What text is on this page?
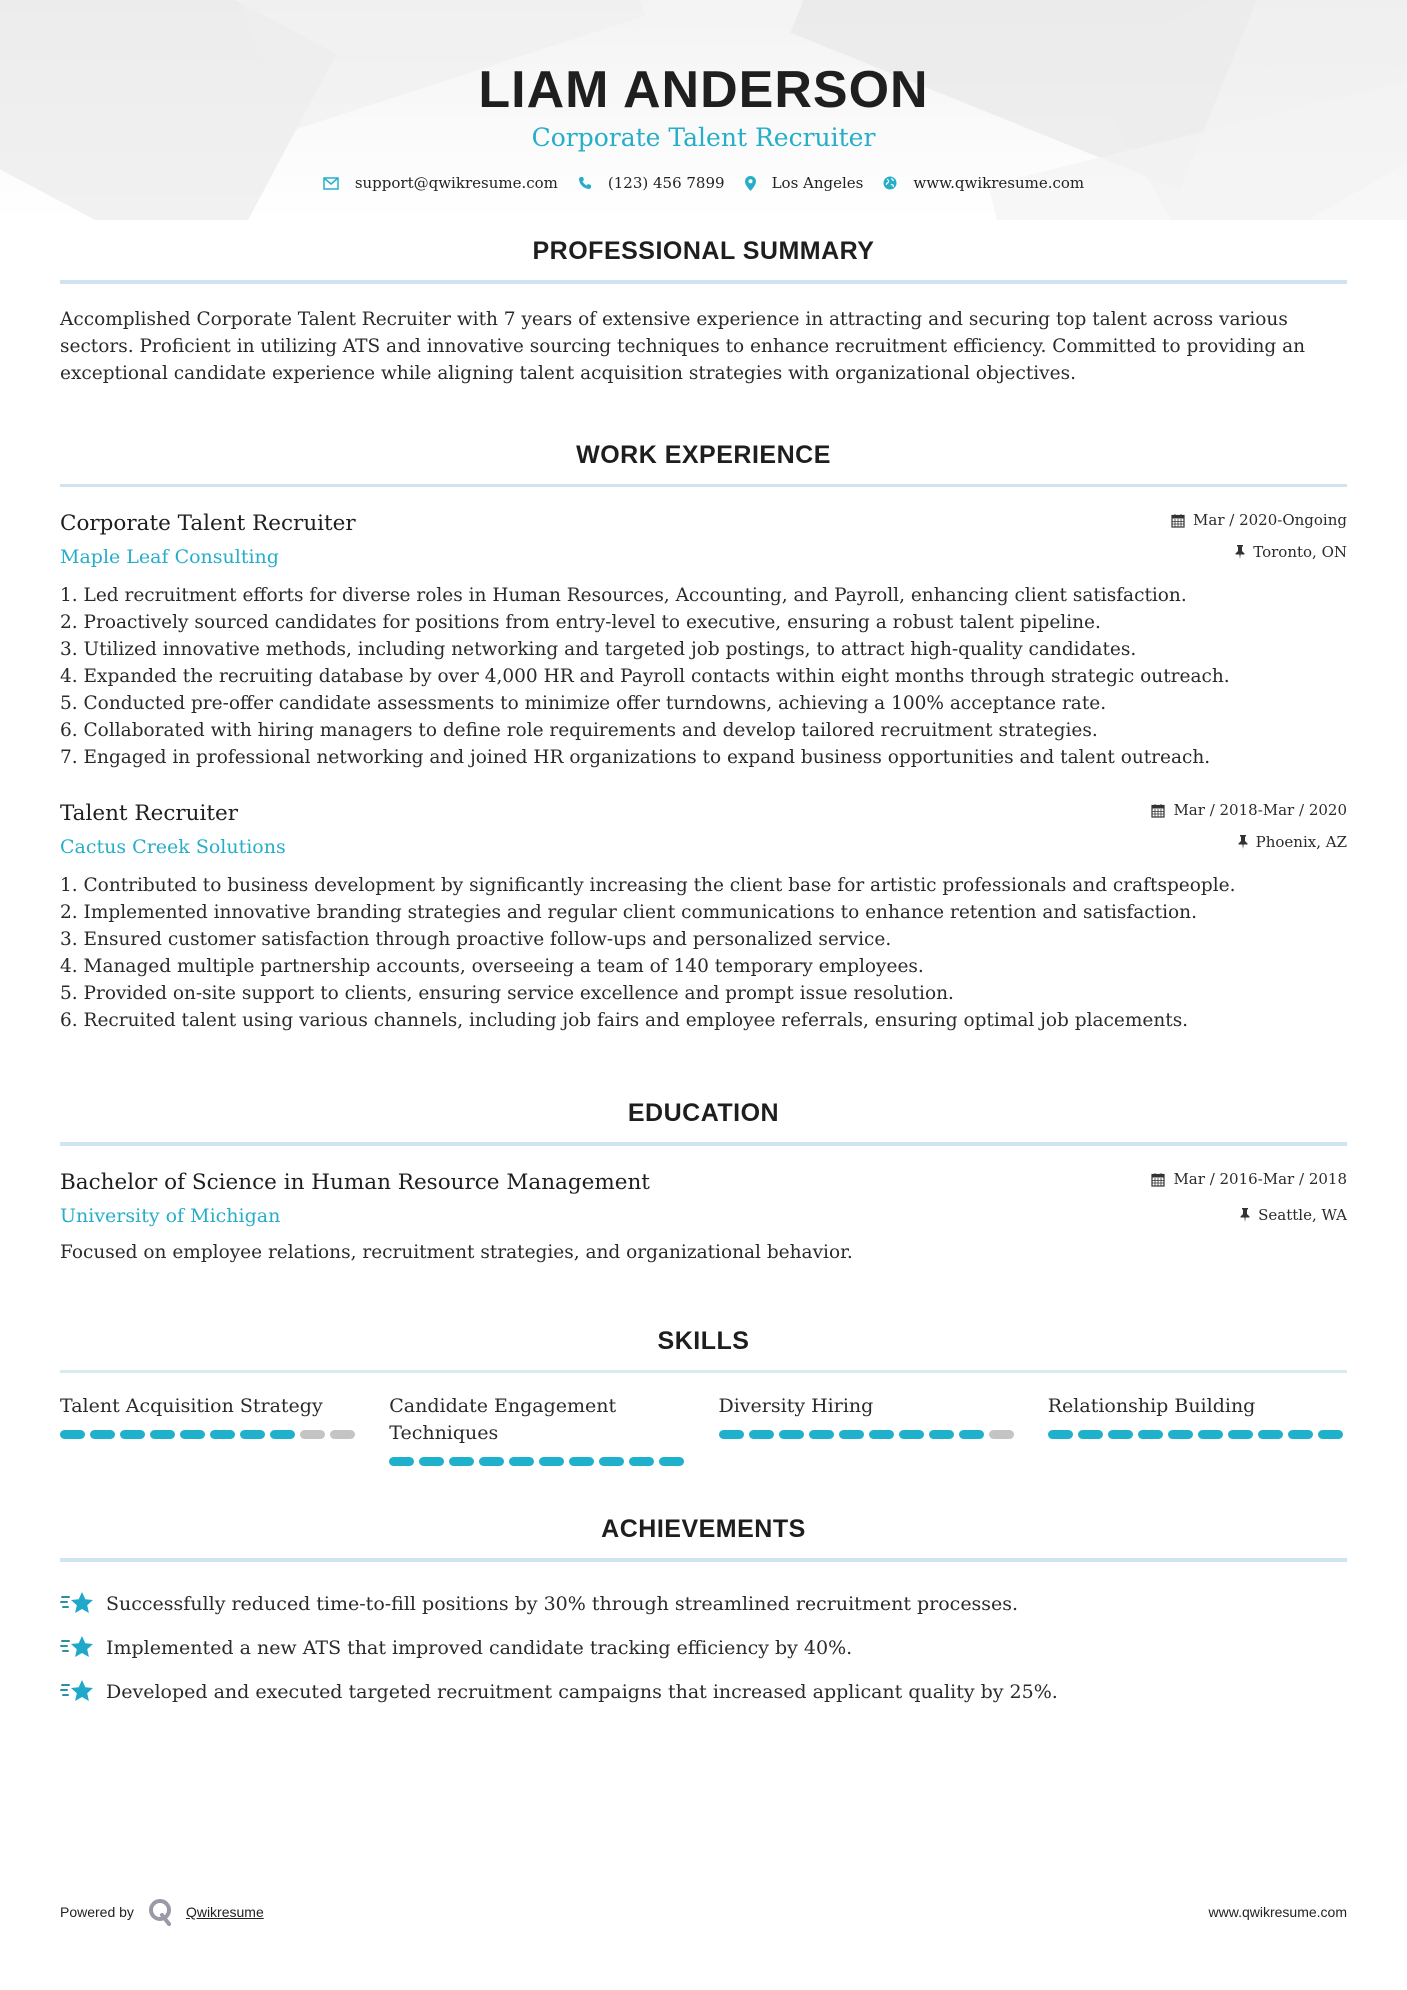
LIAM ANDERSON
Corporate Talent Recruiter
support@qwikresume.com	(123) 456 7899	Los Angeles	www.qwikresume.com
PROFESSIONAL SUMMARY

Accomplished Corporate Talent Recruiter with 7 years of extensive experience in attracting and securing top talent across various sectors. Proficient in utilizing ATS and innovative sourcing techniques to enhance recruitment efficiency. Committed to providing an exceptional candidate experience while aligning talent acquisition strategies with organizational objectives.

WORK EXPERIENCE
Corporate Talent Recruiter
Maple Leaf Consulting
Mar / 2020-Ongoing
Toronto, ON
1. Led recruitment efforts for diverse roles in Human Resources, Accounting, and Payroll, enhancing client satisfaction.
2. Proactively sourced candidates for positions from entry-level to executive, ensuring a robust talent pipeline.
3. Utilized innovative methods, including networking and targeted job postings, to attract high-quality candidates.
4. Expanded the recruiting database by over 4,000 HR and Payroll contacts within eight months through strategic outreach.
5. Conducted pre-offer candidate assessments to minimize offer turndowns, achieving a 100% acceptance rate.
6. Collaborated with hiring managers to define role requirements and develop tailored recruitment strategies.
7. Engaged in professional networking and joined HR organizations to expand business opportunities and talent outreach.
Talent Recruiter
Cactus Creek Solutions
Mar / 2018-Mar / 2020
Phoenix, AZ
1. Contributed to business development by significantly increasing the client base for artistic professionals and craftspeople.
2. Implemented innovative branding strategies and regular client communications to enhance retention and satisfaction.
3. Ensured customer satisfaction through proactive follow-ups and personalized service.
4. Managed multiple partnership accounts, overseeing a team of 140 temporary employees.
5. Provided on-site support to clients, ensuring service excellence and prompt issue resolution.
6. Recruited talent using various channels, including job fairs and employee referrals, ensuring optimal job placements.
EDUCATION
Bachelor of Science in Human Resource Management
University of Michigan
Mar / 2016-Mar / 2018
Seattle, WA

Focused on employee relations, recruitment strategies, and organizational behavior.

SKILLS
Talent Acquisition Strategy	Candidate Engagement Techniques
Diversity Hiring	Relationship Building
ACHIEVEMENTS
Successfully reduced time-to-fill positions by 30% through streamlined recruitment processes.
Implemented a new ATS that improved candidate tracking efficiency by 40%.
Developed and executed targeted recruitment campaigns that increased applicant quality by 25%.
Powered by	Qwikresume	www.qwikresume.com
